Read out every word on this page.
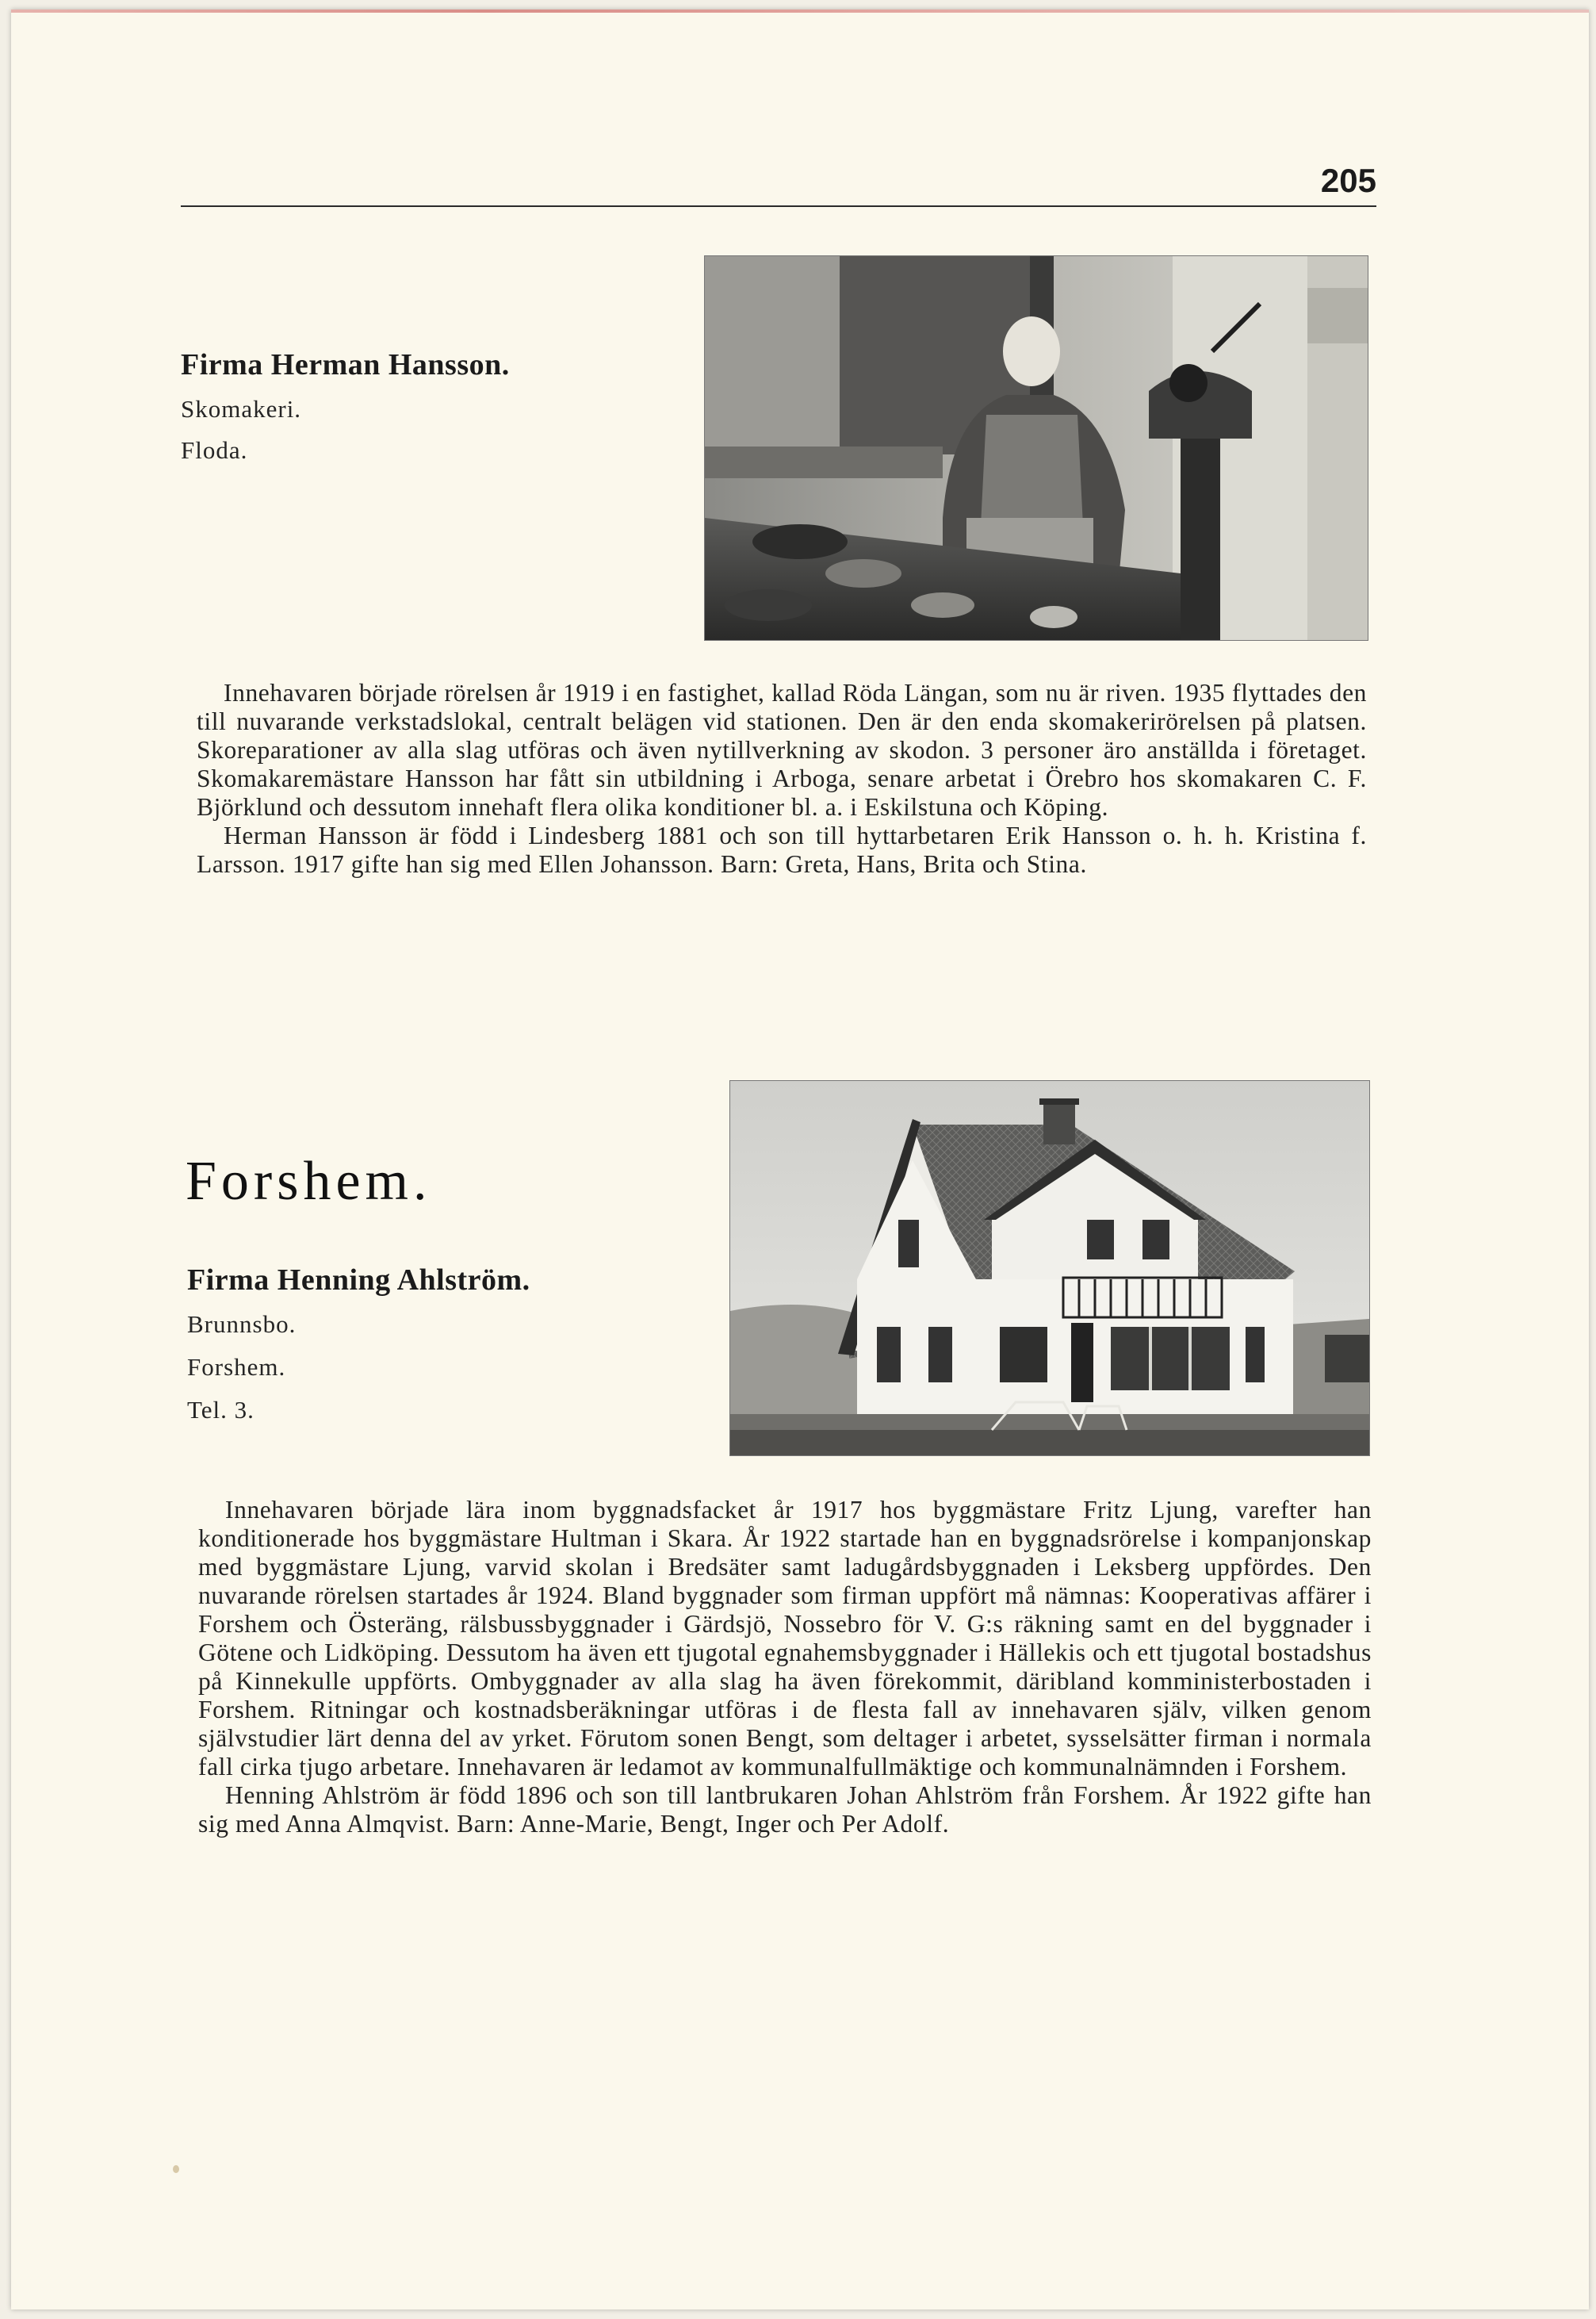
205
Firma Herman Hansson.
Skomakeri.
Floda.

Innehavaren började rörelsen år 1919 i en fastighet, kallad Röda Längan, som nu är riven. 1935 flyttades den till nuvarande verkstadslokal, centralt belägen vid stationen. Den är den enda skomakerirörelsen på platsen. Skoreparationer av alla slag utföras och även nytillverkning av skodon. 3 personer äro anställda i företaget. Skomakaremästare Hansson har fått sin utbildning i Arboga, senare arbetat i Örebro hos skomakaren C. F. Björklund och dessutom innehaft flera olika konditioner bl. a. i Eskilstuna och Köping.

Herman Hansson är född i Lindesberg 1881 och son till hyttarbetaren Erik Hansson o. h. h. Kristina f. Larsson. 1917 gifte han sig med Ellen Johansson. Barn: Greta, Hans, Brita och Stina.

Forshem.
Firma Henning Ahlström.
Brunnsbo.
Forshem.
Tel. 3.

Innehavaren började lära inom byggnadsfacket år 1917 hos byggmästare Fritz Ljung, varefter han konditionerade hos byggmästare Hultman i Skara. År 1922 startade han en byggnadsrörelse i kompanjonskap med byggmästare Ljung, varvid skolan i Bredsäter samt ladugårdsbyggnaden i Leksberg uppfördes. Den nuvarande rörelsen startades år 1924. Bland byggnader som firman uppfört må nämnas: Kooperativas affärer i Forshem och Österäng, rälsbussbyggnader i Gärdsjö, Nossebro för V. G:s räkning samt en del byggnader i Götene och Lidköping. Dessutom ha även ett tjugotal egnahemsbyggnader i Hällekis och ett tjugotal bostadshus på Kinnekulle uppförts. Ombyggnader av alla slag ha även förekommit, däribland komministerbostaden i Forshem. Ritningar och kostnadsberäkningar utföras i de flesta fall av innehavaren själv, vilken genom självstudier lärt denna del av yrket. Förutom sonen Bengt, som deltager i arbetet, sysselsätter firman i normala fall cirka tjugo arbetare. Innehavaren är ledamot av kommunalfullmäktige och kommunalnämnden i Forshem.

Henning Ahlström är född 1896 och son till lantbrukaren Johan Ahlström från Forshem. År 1922 gifte han sig med Anna Almqvist. Barn: Anne-Marie, Bengt, Inger och Per Adolf.
